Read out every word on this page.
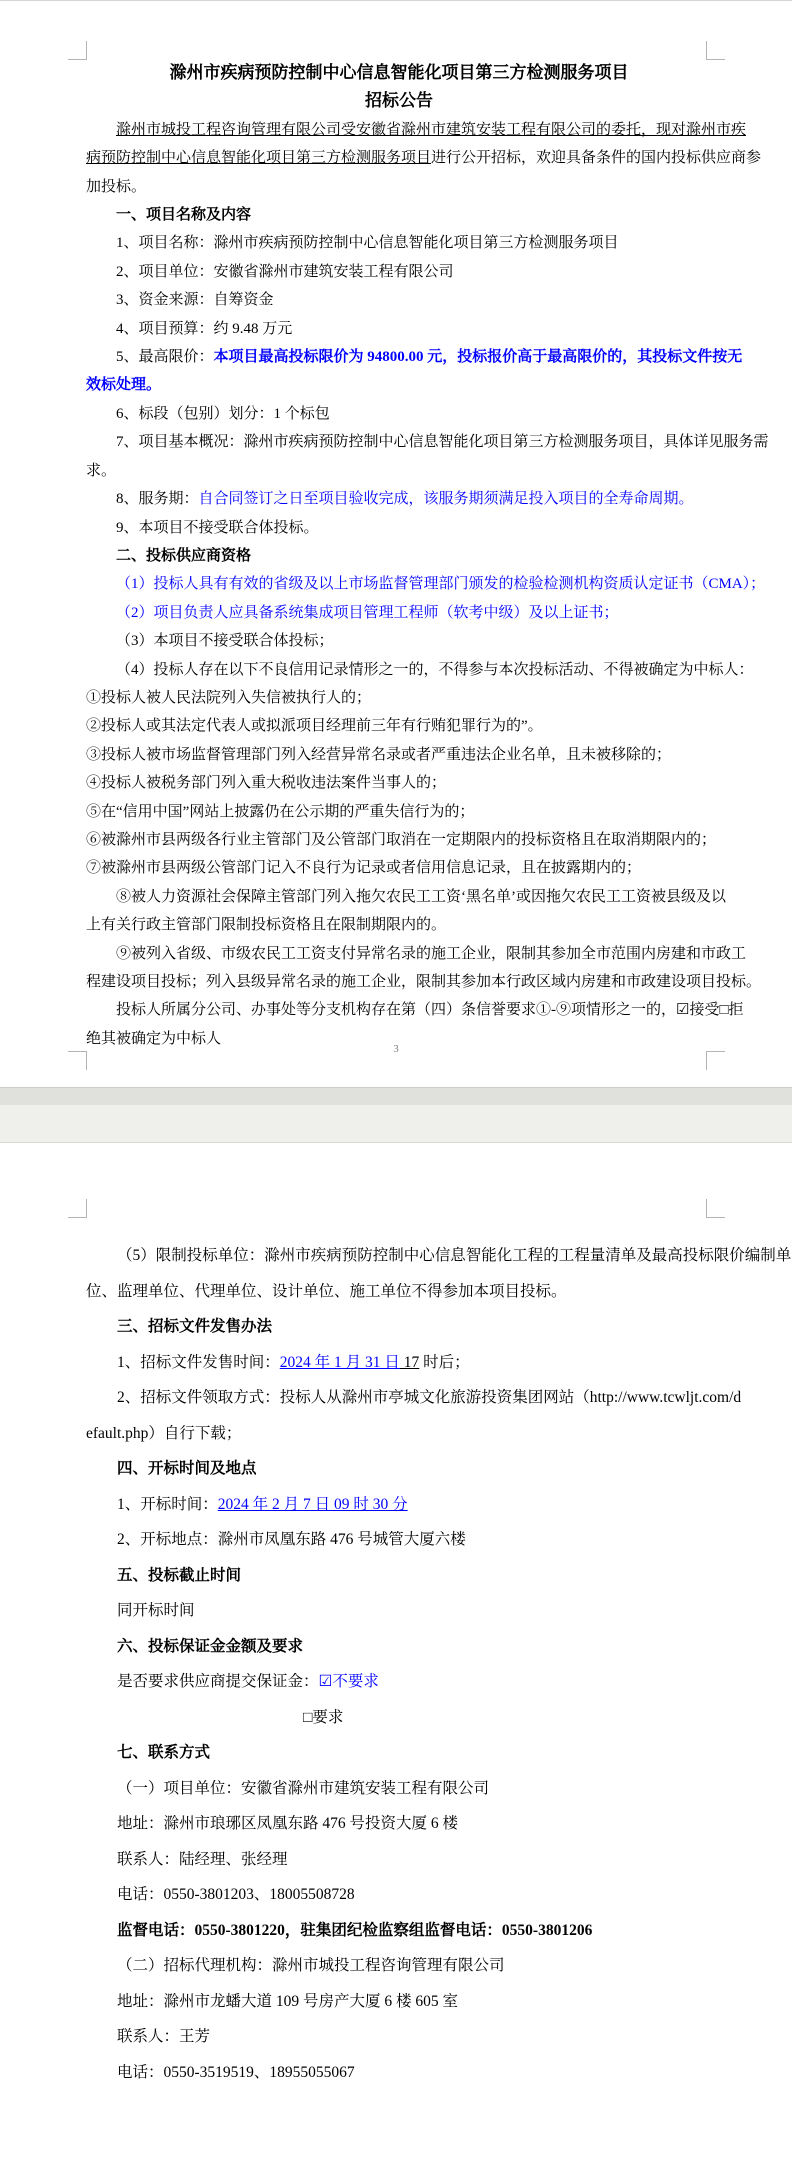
滁州市疾病预防控制中心信息智能化项目第三方检测服务项目

招标公告

滁州市城投工程咨询管理有限公司受安徽省滁州市建筑安装工程有限公司的委托，现对滁州市疾

病预防控制中心信息智能化项目第三方检测服务项目进行公开招标，欢迎具备条件的国内投标供应商参

加投标。

一、项目名称及内容

1、项目名称：滁州市疾病预防控制中心信息智能化项目第三方检测服务项目

2、项目单位：安徽省滁州市建筑安装工程有限公司

3、资金来源：自筹资金

4、项目预算：约 9.48 万元

5、最高限价：本项目最高投标限价为 94800.00 元，投标报价高于最高限价的，其投标文件按无

效标处理。

6、标段（包别）划分：1 个标包

7、项目基本概况：滁州市疾病预防控制中心信息智能化项目第三方检测服务项目，具体详见服务需

求。

8、服务期：自合同签订之日至项目验收完成，该服务期须满足投入项目的全寿命周期。

9、本项目不接受联合体投标。

二、投标供应商资格

（1）投标人具有有效的省级及以上市场监督管理部门颁发的检验检测机构资质认定证书（CMA）；

（2）项目负责人应具备系统集成项目管理工程师（软考中级）及以上证书；

（3）本项目不接受联合体投标；

（4）投标人存在以下不良信用记录情形之一的，不得参与本次投标活动、不得被确定为中标人：

①投标人被人民法院列入失信被执行人的；

②投标人或其法定代表人或拟派项目经理前三年有行贿犯罪行为的”。

③投标人被市场监督管理部门列入经营异常名录或者严重违法企业名单，且未被移除的；

④投标人被税务部门列入重大税收违法案件当事人的；

⑤在“信用中国”网站上披露仍在公示期的严重失信行为的；

⑥被滁州市县两级各行业主管部门及公管部门取消在一定期限内的投标资格且在取消期限内的；

⑦被滁州市县两级公管部门记入不良行为记录或者信用信息记录，且在披露期内的；

⑧被人力资源社会保障主管部门列入拖欠农民工工资‘黑名单’或因拖欠农民工工资被县级及以

上有关行政主管部门限制投标资格且在限制期限内的。

⑨被列入省级、市级农民工工资支付异常名录的施工企业，限制其参加全市范围内房建和市政工

程建设项目投标；列入县级异常名录的施工企业，限制其参加本行政区域内房建和市政建设项目投标。

投标人所属分公司、办事处等分支机构存在第（四）条信誉要求①-⑨项情形之一的，☑接受□拒

绝其被确定为中标人

3

（5）限制投标单位：滁州市疾病预防控制中心信息智能化工程的工程量清单及最高投标限价编制单

位、监理单位、代理单位、设计单位、施工单位不得参加本项目投标。

三、招标文件发售办法

1、招标文件发售时间：2024 年 1 月 31 日 17 时后；

2、招标文件领取方式：投标人从滁州市亭城文化旅游投资集团网站（http://www.tcwljt.com/d

efault.php）自行下载；

四、开标时间及地点

1、开标时间：2024 年 2 月 7 日 09 时 30 分

2、开标地点：滁州市凤凰东路 476 号城管大厦六楼

五、投标截止时间

同开标时间

六、投标保证金金额及要求

是否要求供应商提交保证金：☑不要求

□要求

七、联系方式

（一）项目单位：安徽省滁州市建筑安装工程有限公司

地址：滁州市琅琊区凤凰东路 476 号投资大厦 6 楼

联系人：陆经理、张经理

电话：0550-3801203、18005508728

监督电话：0550-3801220，驻集团纪检监察组监督电话：0550-3801206

（二）招标代理机构：滁州市城投工程咨询管理有限公司

地址：滁州市龙蟠大道 109 号房产大厦 6 楼 605 室

联系人：王芳

电话：0550-3519519、18955055067
